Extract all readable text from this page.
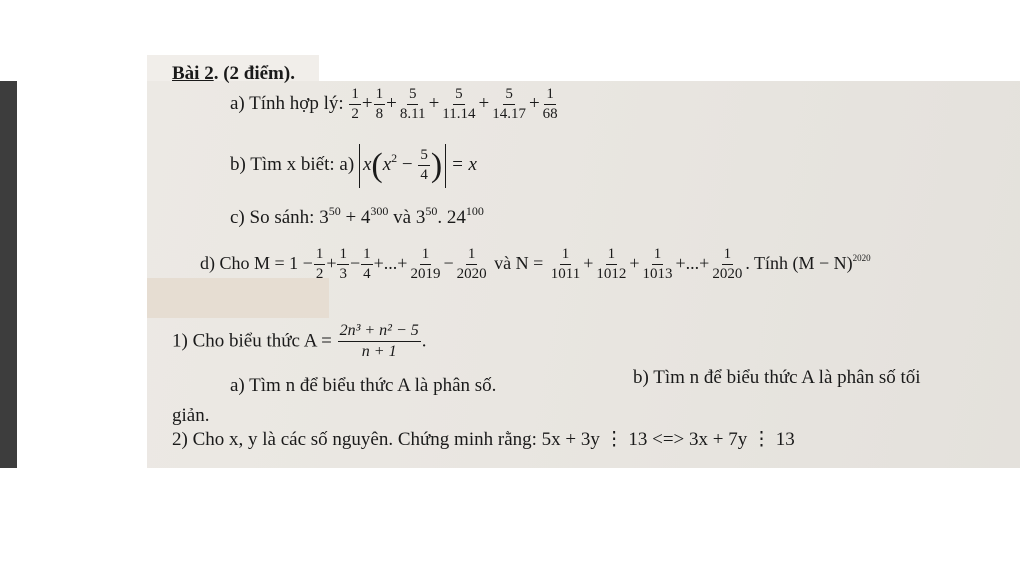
Bài 2. (2 điểm).
a) Tính hợp lý: $\frac{1}{2} + \frac{1}{8} + \frac{5}{8.11} + \frac{5}{11.14} + \frac{5}{14.17} + \frac{1}{68}$
b) Tìm x biết: a) $x(x^2 - \frac{5}{4}$ ) = x
c) So sánh: $3^{50} + 4^{300}$ và $3^{50}$. $24^{100}$
d) Cho $M = 1 - \frac{1}{2} + \frac{1}{3} - \frac{1}{4}$ +...+ $\frac{1}{2019} - \frac{1}{2020}$ và $N = \frac{1}{1011} + \frac{1}{1012} + \frac{1}{1013}$ +...+ $\frac{1}{2020}$ . Tính $(M - N)^{2020}$
1) Cho biểu thức $A = \frac{\text{2n³ + n² − 5}}{n + 1}$ .
a) Tìm n để biểu thức A là phân số.	b) Tìm n để biểu thức A là phân số tối
giản.
2) Cho x, y là các số nguyên. Chứng minh rằng: 5x + 3y ⋮ 13 <=> 3x + 7y ⋮ 13
